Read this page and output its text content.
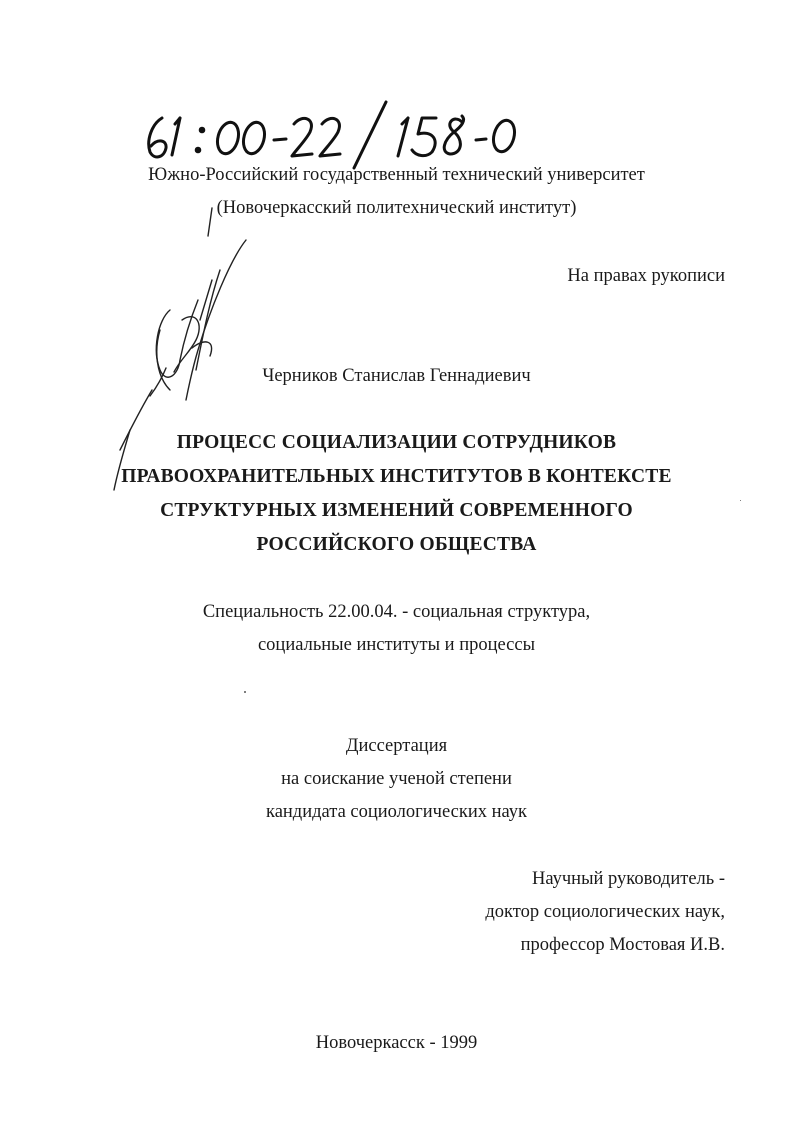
Южно-Российский государственный технический университет
(Новочеркасский политехнический институт)
На правах рукописи
Черников Станислав Геннадиевич
ПРОЦЕСС СОЦИАЛИЗАЦИИ СОТРУДНИКОВ
ПРАВООХРАНИТЕЛЬНЫХ ИНСТИТУТОВ В КОНТЕКСТЕ
СТРУКТУРНЫХ ИЗМЕНЕНИЙ СОВРЕМЕННОГО
РОССИЙСКОГО ОБЩЕСТВА
Специальность 22.00.04. - социальная структура,
социальные институты и процессы
Диссертация
на соискание ученой степени
кандидата социологических наук
Научный руководитель -
доктор социологических наук,
профессор Мостовая И.В.
Новочеркасск - 1999
